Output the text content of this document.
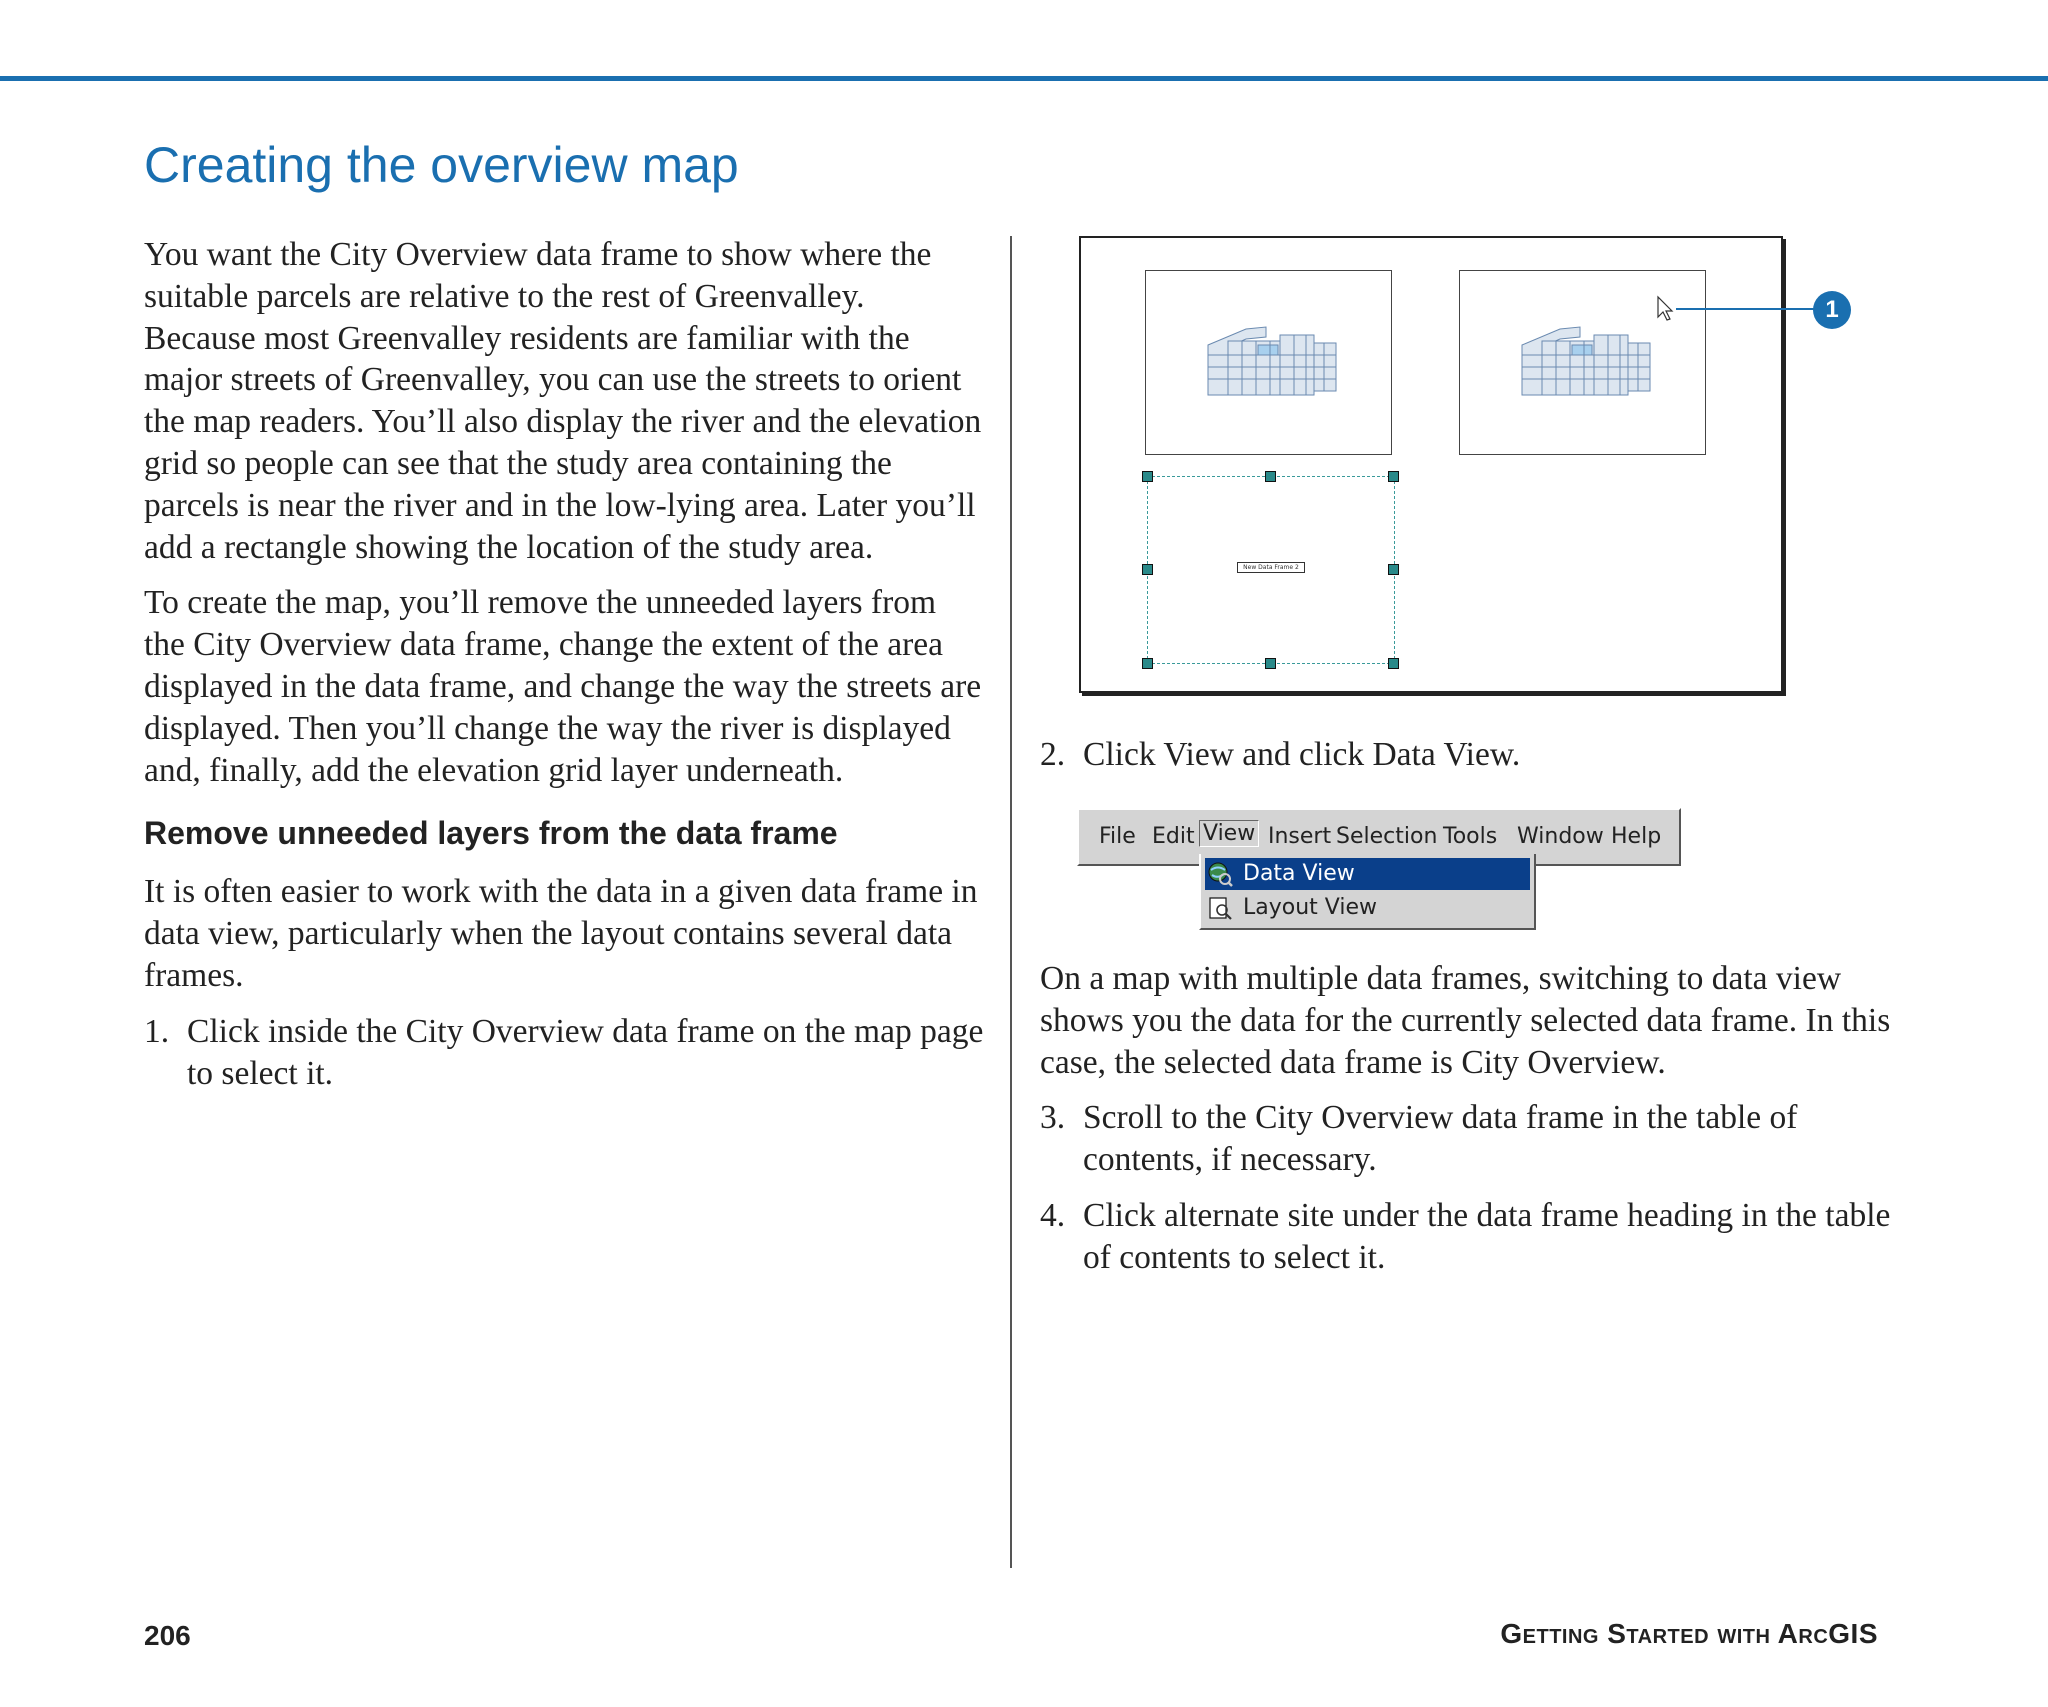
Creating the overview map

You want the City Overview data frame to show where the suitable parcels are relative to the rest of Greenvalley. Because most Greenvalley residents are familiar with the major streets of Greenvalley, you can use the streets to orient the map readers. You’ll also display the river and the elevation grid so people can see that the study area containing the parcels is near the river and in the low-lying area. Later you’ll add a rectangle showing the location of the study area.

To create the map, you’ll remove the unneeded layers from the City Overview data frame, change the extent of the area displayed in the data frame, and change the way the streets are displayed. Then you’ll change the way the river is displayed and, finally, add the elevation grid layer underneath.

Remove unneeded layers from the data frame

It is often easier to work with the data in a given data frame in data view, particularly when the layout contains several data frames.

1. Click inside the City Overview data frame on the map page to select it.
New Data Frame 2
1
2. Click View and click Data View.
File Edit View Insert Selection Tools Window Help
Data View
Layout View

On a map with multiple data frames, switching to data view shows you the data for the currently selected data frame. In this case, the selected data frame is City Overview.

3. Scroll to the City Overview data frame in the table of contents, if necessary.
4. Click alternate site under the data frame heading in the table of contents to select it.
206	Getting Started with ArcGIS
